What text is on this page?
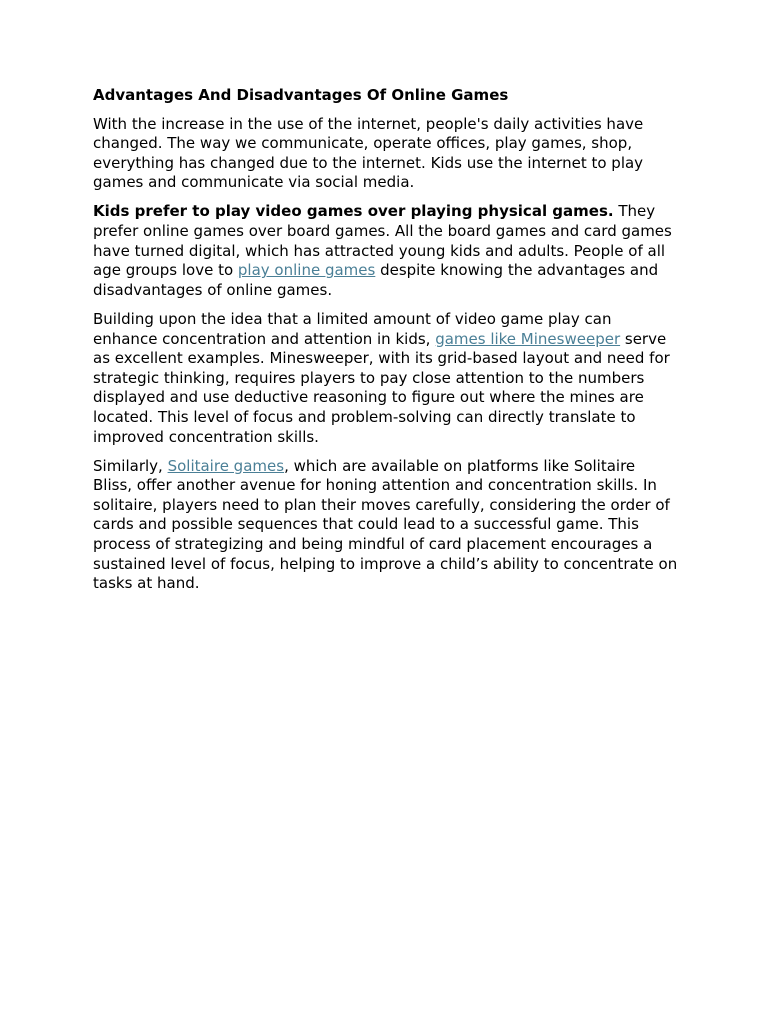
Advantages And Disadvantages Of Online Games

With the increase in the use of the internet, people's daily activities have changed. The way we communicate, operate offices, play games, shop, everything has changed due to the internet. Kids use the internet to play games and communicate via social media.

Kids prefer to play video games over playing physical games. They prefer online games over board games. All the board games and card games have turned digital, which has attracted young kids and adults. People of all age groups love to play online games despite knowing the advantages and disadvantages of online games.

Building upon the idea that a limited amount of video game play can enhance concentration and attention in kids, games like Minesweeper serve as excellent examples. Minesweeper, with its grid-based layout and need for strategic thinking, requires players to pay close attention to the numbers displayed and use deductive reasoning to figure out where the mines are located. This level of focus and problem-solving can directly translate to improved concentration skills.

Similarly, Solitaire games, which are available on platforms like Solitaire Bliss, offer another avenue for honing attention and concentration skills. In solitaire, players need to plan their moves carefully, considering the order of cards and possible sequences that could lead to a successful game. This process of strategizing and being mindful of card placement encourages a sustained level of focus, helping to improve a child’s ability to concentrate on tasks at hand.
